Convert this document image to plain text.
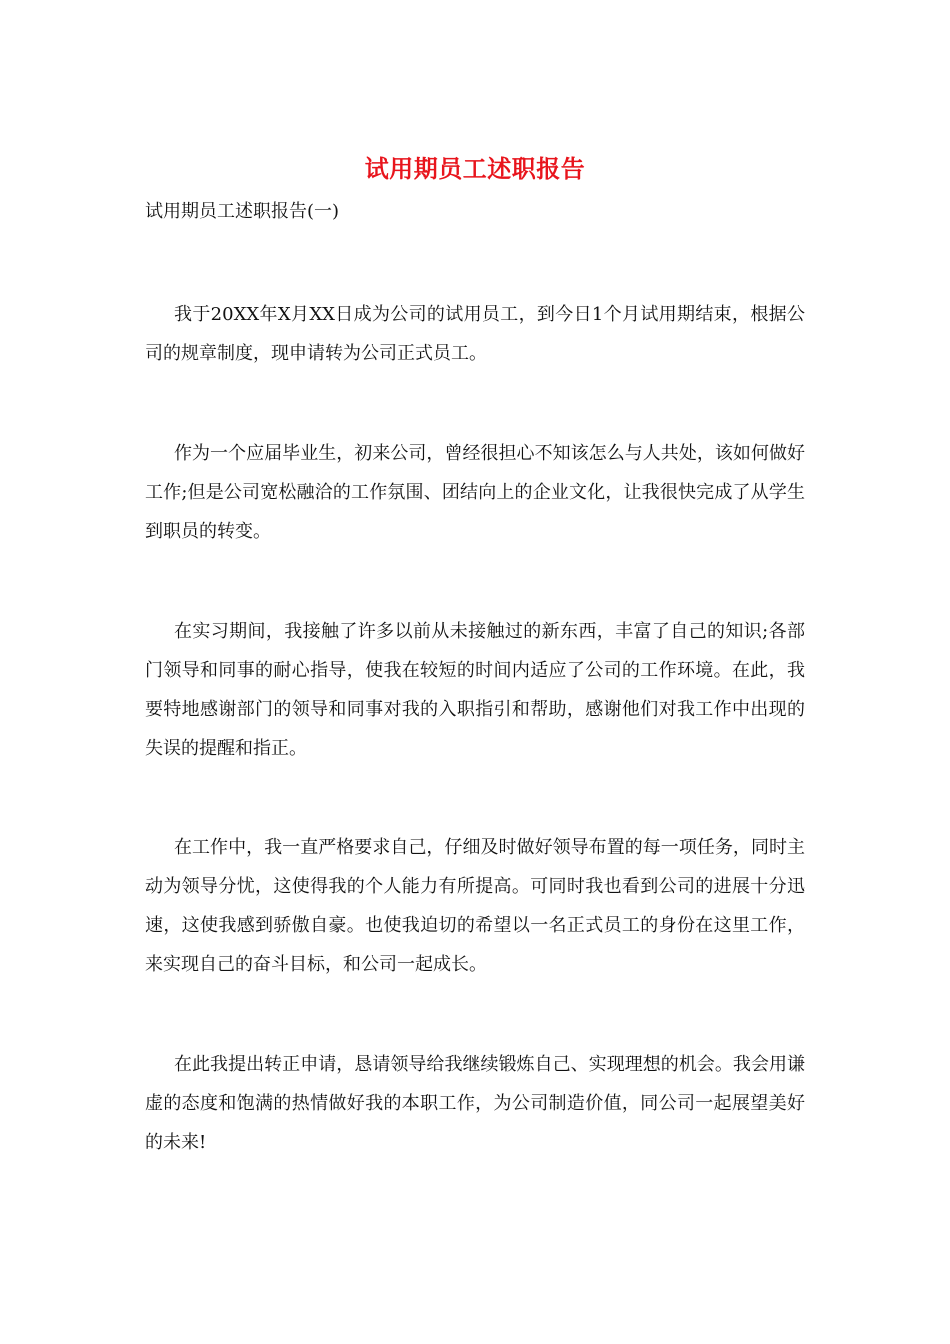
试用期员工述职报告
试用期员工述职报告(一)

我于20XX年X月XX日成为公司的试用员工，到今日1个月试用期结束，根据公司的规章制度，现申请转为公司正式员工。

作为一个应届毕业生，初来公司，曾经很担心不知该怎么与人共处，该如何做好工作;但是公司宽松融洽的工作氛围、团结向上的企业文化，让我很快完成了从学生到职员的转变。

在实习期间，我接触了许多以前从未接触过的新东西，丰富了自己的知识;各部门领导和同事的耐心指导，使我在较短的时间内适应了公司的工作环境。在此，我要特地感谢部门的领导和同事对我的入职指引和帮助，感谢他们对我工作中出现的失误的提醒和指正。

在工作中，我一直严格要求自己，仔细及时做好领导布置的每一项任务，同时主动为领导分忧，这使得我的个人能力有所提高。可同时我也看到公司的进展十分迅速，这使我感到骄傲自豪。也使我迫切的希望以一名正式员工的身份在这里工作，来实现自己的奋斗目标，和公司一起成长。

在此我提出转正申请，恳请领导给我继续锻炼自己、实现理想的机会。我会用谦虚的态度和饱满的热情做好我的本职工作，为公司制造价值，同公司一起展望美好的未来!
